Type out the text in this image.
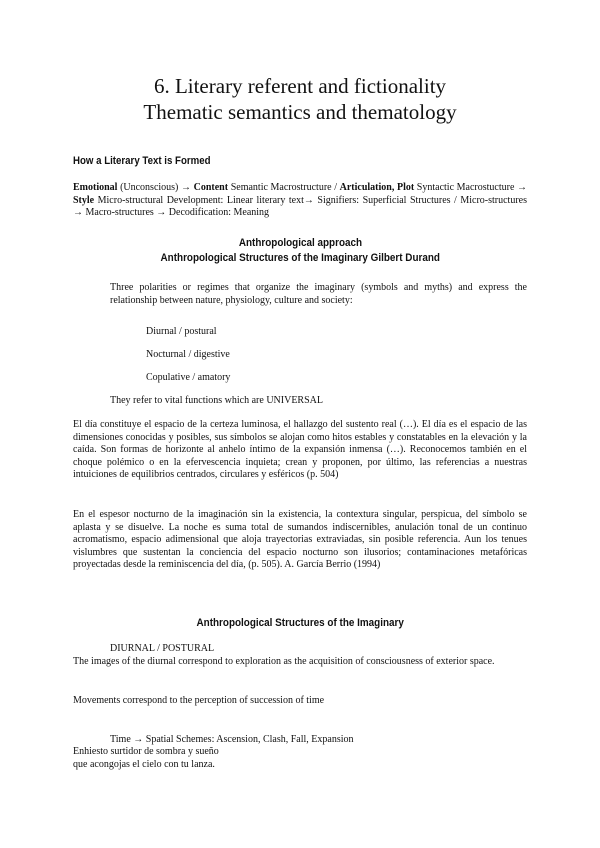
6. Literary referent and fictionality
Thematic semantics and thematology
How a Literary Text is Formed
Emotional (Unconscious) → Content Semantic Macrostructure / Articulation, Plot Syntactic Macrostucture → Style Micro-structural Development: Linear literary text→ Signifiers: Superficial Structures / Micro-structures → Macro-structures → Decodification: Meaning
Anthropological approach
Anthropological Structures of the Imaginary Gilbert Durand
Three polarities or regimes that organize the imaginary (symbols and myths) and express the relationship between nature, physiology, culture and society:
Diurnal / postural
Nocturnal / digestive
Copulative / amatory
They refer to vital functions which are UNIVERSAL
El día constituye el espacio de la certeza luminosa, el hallazgo del sustento real (…). El día es el espacio de las dimensiones conocidas y posibles, sus símbolos se alojan como hitos estables y constatables en la elevación y la caída. Son formas de horizonte al anhelo íntimo de la expansión inmensa (…). Reconocemos también en el choque polémico o en la efervescencia inquieta; crean y proponen, por último, las referencias a nuestras intuiciones de equilibrios centrados, circulares y esféricos (p. 504)
En el espesor nocturno de la imaginación sin la existencia, la contextura singular, perspicua, del símbolo se aplasta y se disuelve. La noche es suma total de sumandos indiscernibles, anulación tonal de un continuo acromatismo, espacio adimensional que aloja trayectorias extraviadas, sin posible referencia. Aun los tenues vislumbres que sustentan la conciencia del espacio nocturno son ilusorios; contaminaciones metafóricas proyectadas desde la reminiscencia del día, (p. 505). A. García Berrio (1994)
Anthropological Structures of the Imaginary
DIURNAL / POSTURAL
The images of the diurnal correspond to exploration as the acquisition of consciousness of exterior space.
Movements correspond to the perception of succession of time
Time → Spatial Schemes: Ascension, Clash, Fall, Expansion
Enhiesto surtidor de sombra y sueño
que acongojas el cielo con tu lanza.
